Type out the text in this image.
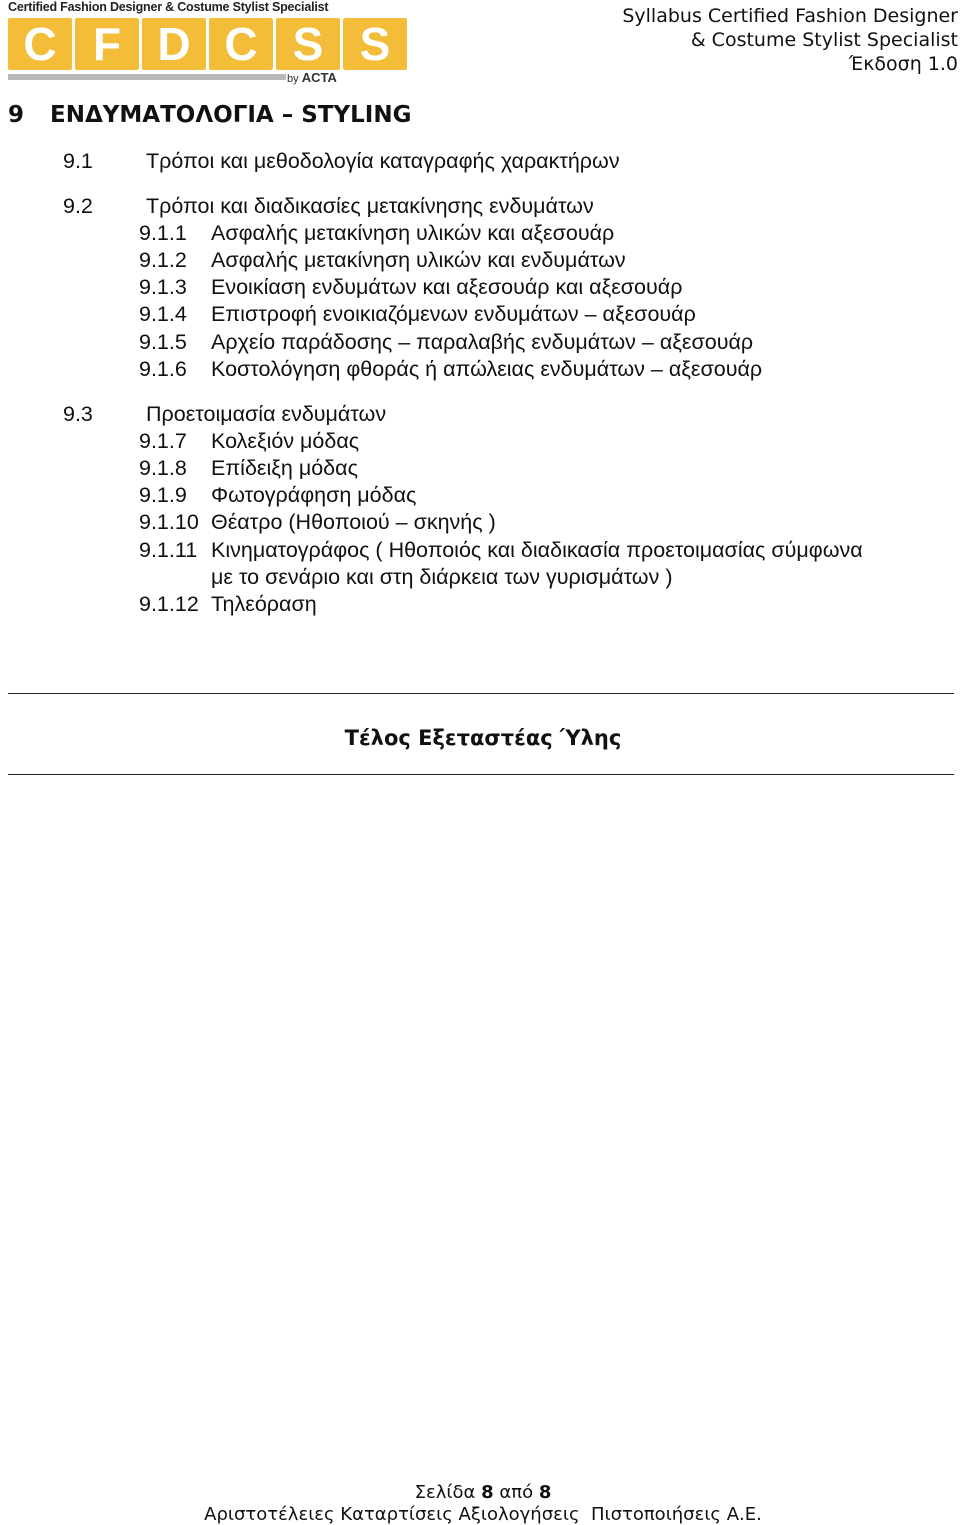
Certified Fashion Designer & Costume Stylist Specialist
C F D C S S
by ACTA
Syllabus Certified Fashion Designer
& Costume Stylist Specialist
Έκδοση 1.0
9 ΕΝΔΥΜΑΤΟΛΟΓΙΑ – STYLING
9.1 Τρόποι και μεθοδολογία καταγραφής χαρακτήρων
9.2 Τρόποι και διαδικασίες μετακίνησης ενδυμάτων
9.1.1 Ασφαλής μετακίνηση υλικών και αξεσουάρ
9.1.2 Ασφαλής μετακίνηση υλικών και ενδυμάτων
9.1.3 Ενοικίαση ενδυμάτων και αξεσουάρ και αξεσουάρ
9.1.4 Επιστροφή ενοικιαζόμενων ενδυμάτων – αξεσουάρ
9.1.5 Αρχείο παράδοσης – παραλαβής ενδυμάτων – αξεσουάρ
9.1.6 Κοστολόγηση φθοράς ή απώλειας ενδυμάτων – αξεσουάρ
9.3 Προετοιμασία ενδυμάτων
9.1.7 Κολεξιόν μόδας
9.1.8 Επίδειξη μόδας
9.1.9 Φωτογράφηση μόδας
9.1.10 Θέατρο (Ηθοποιού – σκηνής )
9.1.11 Κινηματογράφος ( Ηθοποιός και διαδικασία προετοιμασίας σύμφωνα
με το σενάριο και στη διάρκεια των γυρισμάτων )
9.1.12 Τηλεόραση
Τέλος Εξεταστέας Ύλης
Σελίδα 8 από 8
Αριστοτέλειες Καταρτίσεις Αξιολογήσεις  Πιστοποιήσεις Α.Ε.
